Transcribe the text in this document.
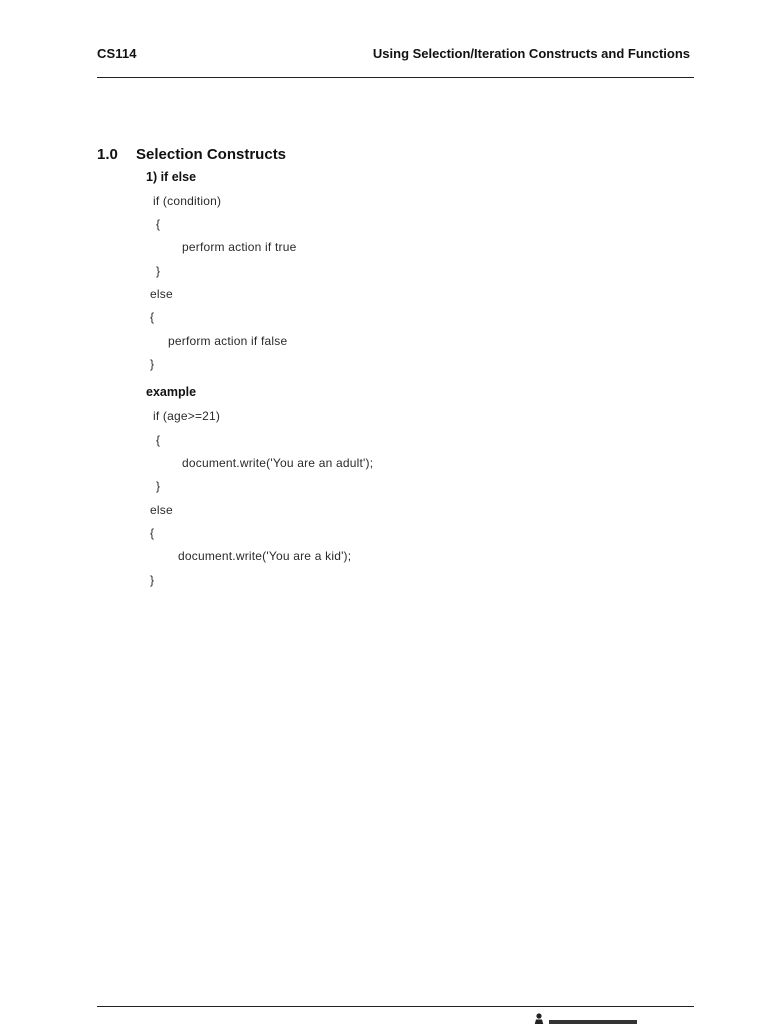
CS114	Using Selection/Iteration Constructs and Functions
1.0 Selection Constructs
1) if else
if (condition)
{
perform action if true
}
else
{
perform action if false
}
example
if (age>=21)
{
document.write('You are an adult');
}
else
{
document.write('You are a kid');
}
